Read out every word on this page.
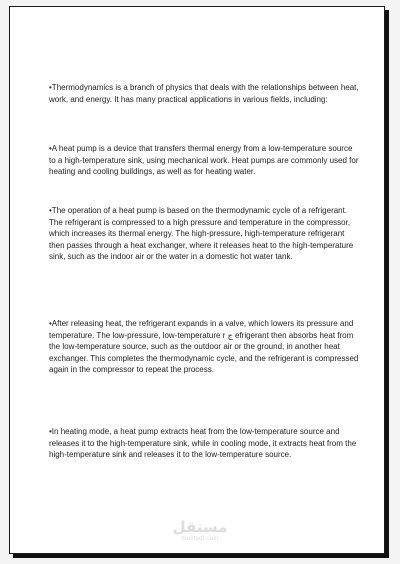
•Thermodynamics is a branch of physics that deals with the relationships between heat, work, and energy. It has many practical applications in various fields, including:

•A heat pump is a device that transfers thermal energy from a low-temperature source to a high-temperature sink, using mechanical work. Heat pumps are commonly used for heating and cooling buildings, as well as for heating water.

•The operation of a heat pump is based on the thermodynamic cycle of a refrigerant. The refrigerant is compressed to a high pressure and temperature in the compressor, which increases its thermal energy. The high-pressure, high-temperature refrigerant then passes through a heat exchanger, where it releases heat to the high-temperature sink, such as the indoor air or the water in a domestic hot water tank.

•After releasing heat, the refrigerant expands in a valve, which lowers its pressure and temperature. The low-pressure, low-temperature r ج efrigerant then absorbs heat from the low-temperature source, such as the outdoor air or the ground, in another heat exchanger. This completes the thermodynamic cycle, and the refrigerant is compressed again in the compressor to repeat the process.

•In heating mode, a heat pump extracts heat from the low-temperature source and releases it to the high-temperature sink, while in cooling mode, it extracts heat from the high-temperature sink and releases it to the low-temperature source.

مستقل
mostaql.com
